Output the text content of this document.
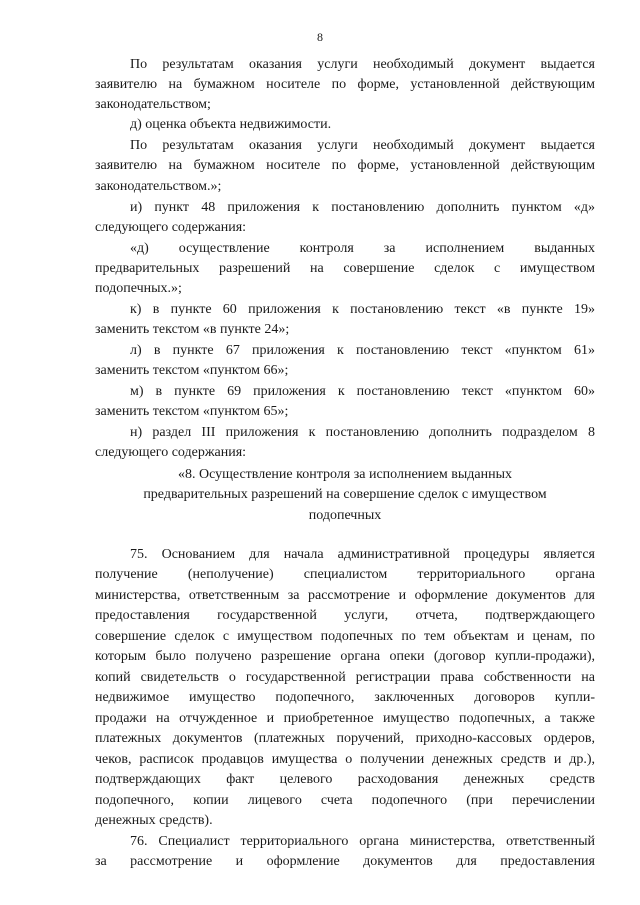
8
По результатам оказания услуги необходимый документ выдается
заявителю на бумажном носителе по форме, установленной действующим
законодательством;
д) оценка объекта недвижимости.
По результатам оказания услуги необходимый документ выдается
заявителю на бумажном носителе по форме, установленной действующим
законодательством.»;
и) пункт 48 приложения к постановлению дополнить пунктом «д»
следующего содержания:
«д) осуществление контроля за исполнением выданных
предварительных разрешений на совершение сделок с имуществом
подопечных.»;
к) в пункте 60 приложения к постановлению текст «в пункте 19»
заменить текстом «в пункте 24»;
л) в пункте 67 приложения к постановлению текст «пунктом 61»
заменить текстом «пунктом 66»;
м) в пункте 69 приложения к постановлению текст «пунктом 60»
заменить текстом «пунктом 65»;
н) раздел III приложения к постановлению дополнить подразделом 8
следующего содержания:
«8. Осуществление контроля за исполнением выданных
предварительных разрешений на совершение сделок с имуществом
подопечных
75. Основанием для начала административной процедуры является
получение (неполучение) специалистом территориального органа
министерства, ответственным за рассмотрение и оформление документов для
предоставления государственной услуги, отчета, подтверждающего
совершение сделок с имуществом подопечных по тем объектам и ценам, по
которым было получено разрешение органа опеки (договор купли-продажи),
копий свидетельств о государственной регистрации права собственности на
недвижимое имущество подопечного, заключенных договоров купли-
продажи на отчужденное и приобретенное имущество подопечных, а также
платежных документов (платежных поручений, приходно-кассовых ордеров,
чеков, расписок продавцов имущества о получении денежных средств и др.),
подтверждающих факт целевого расходования денежных средств
подопечного, копии лицевого счета подопечного (при перечислении
денежных средств).
76. Специалист территориального органа министерства, ответственный
за рассмотрение и оформление документов для предоставления
